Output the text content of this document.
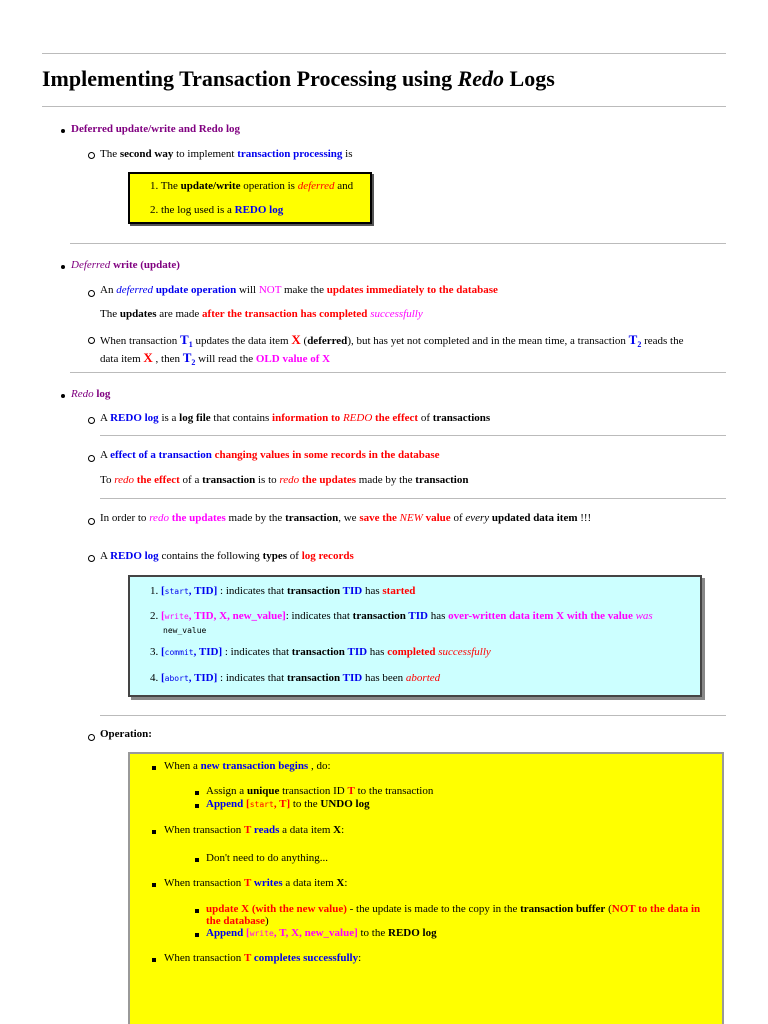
Implementing Transaction Processing using Redo Logs
Deferred update/write and Redo log
The second way to implement transaction processing is
1. The update/write operation is deferred and
2. the log used is a REDO log
Deferred write (update)
An deferred update operation will NOT make the updates immediately to the database
The updates are made after the transaction has completed successfully
When transaction $T_1$ updates the data item X (deferred), but has yet not completed and in the mean time, a transaction $T_2$ reads the
data item X , then $T_2$ will read the OLD value of X
Redo log
A REDO log is a log file that contains information to REDO the effect of transactions
A effect of a transaction changing values in some records in the database
To redo the effect of a transaction is to redo the updates made by the transaction
In order to redo the updates made by the transaction, we save the NEW value of every updated data item !!!
A REDO log contains the following types of log records
1. [start, TID] : indicates that transaction TID has started
2. [write, TID, X, new_value]: indicates that transaction TID has over-written data item X with the value was
new_value
3. [commit, TID] : indicates that transaction TID has completed successfully
4. [abort, TID] : indicates that transaction TID has been aborted
Operation:
When a new transaction begins , do:
Assign a unique transaction ID T to the transaction
Append [start, T] to the UNDO log
When transaction T reads a data item X:
Don't need to do anything...
When transaction T writes a data item X:
update X (with the new value) - the update is made to the copy in the transaction buffer (NOT to the data in
the database)
Append [write, T, X, new_value] to the REDO log
When transaction T completes successfully:
